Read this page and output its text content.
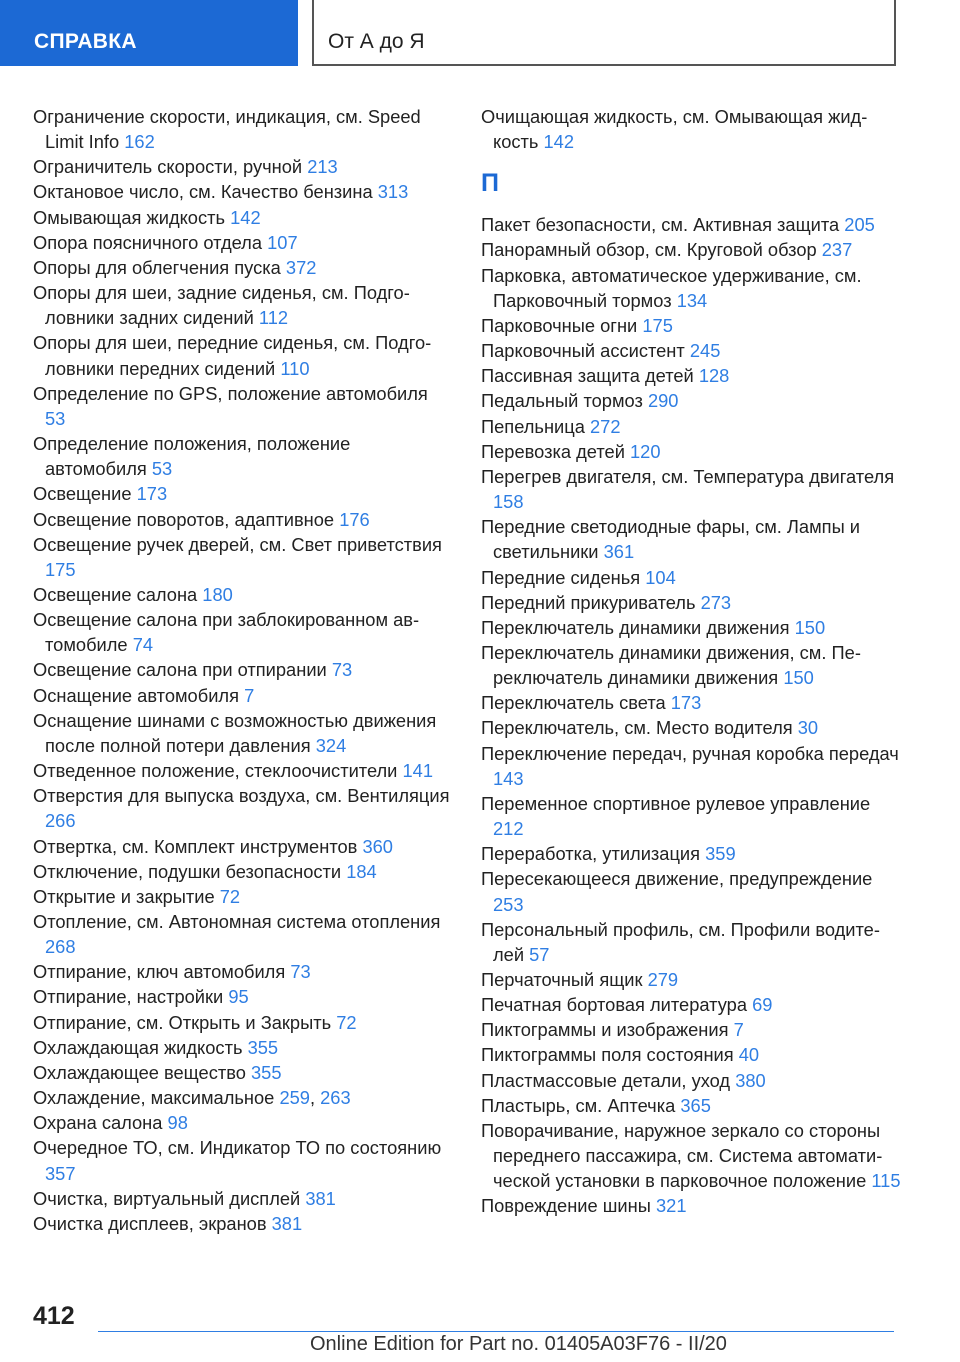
СПРАВКА	От А до Я
Ограничение скорости, индикация, см. Speed Limit Info 162
Ограничитель скорости, ручной 213
Октановое число, см. Качество бензина 313
Омывающая жидкость 142
Опора поясничного отдела 107
Опоры для облегчения пуска 372
Опоры для шеи, задние сиденья, см. Подголовники задних сидений 112
Опоры для шеи, передние сиденья, см. Подголовники передних сидений 110
Определение по GPS, положение автомобиля 53
Определение положения, положение автомобиля 53
Освещение 173
Освещение поворотов, адаптивное 176
Освещение ручек дверей, см. Свет приветствия 175
Освещение салона 180
Освещение салона при заблокированном автомобиле 74
Освещение салона при отпирании 73
Оснащение автомобиля 7
Оснащение шинами с возможностью движения после полной потери давления 324
Отведенное положение, стеклоочистители 141
Отверстия для выпуска воздуха, см. Вентиляция 266
Отвертка, см. Комплект инструментов 360
Отключение, подушки безопасности 184
Открытие и закрытие 72
Отопление, см. Автономная система отопления 268
Отпирание, ключ автомобиля 73
Отпирание, настройки 95
Отпирание, см. Открыть и Закрыть 72
Охлаждающая жидкость 355
Охлаждающее вещество 355
Охлаждение, максимальное 259, 263
Охрана салона 98
Очередное ТО, см. Индикатор ТО по состоянию 357
Очистка, виртуальный дисплей 381
Очистка дисплеев, экранов 381
Очищающая жидкость, см. Омывающая жидкость 142
П
Пакет безопасности, см. Активная защита 205
Панорамный обзор, см. Круговой обзор 237
Парковка, автоматическое удерживание, см. Парковочный тормоз 134
Парковочные огни 175
Парковочный ассистент 245
Пассивная защита детей 128
Педальный тормоз 290
Пепельница 272
Перевозка детей 120
Перегрев двигателя, см. Температура двигателя 158
Передние светодиодные фары, см. Лампы и светильники 361
Передние сиденья 104
Передний прикуриватель 273
Переключатель динамики движения 150
Переключатель динамики движения, см. Переключатель динамики движения 150
Переключатель света 173
Переключатель, см. Место водителя 30
Переключение передач, ручная коробка передач 143
Переменное спортивное рулевое управление 212
Переработка, утилизация 359
Пересекающееся движение, предупреждение 253
Персональный профиль, см. Профили водителей 57
Перчаточный ящик 279
Печатная бортовая литература 69
Пиктограммы и изображения 7
Пиктограммы поля состояния 40
Пластмассовые детали, уход 380
Пластырь, см. Аптечка 365
Поворачивание, наружное зеркало со стороны переднего пассажира, см. Система автоматической установки в парковочное положение 115
Повреждение шины 321
412
Online Edition for Part no. 01405A03F76 - II/20
